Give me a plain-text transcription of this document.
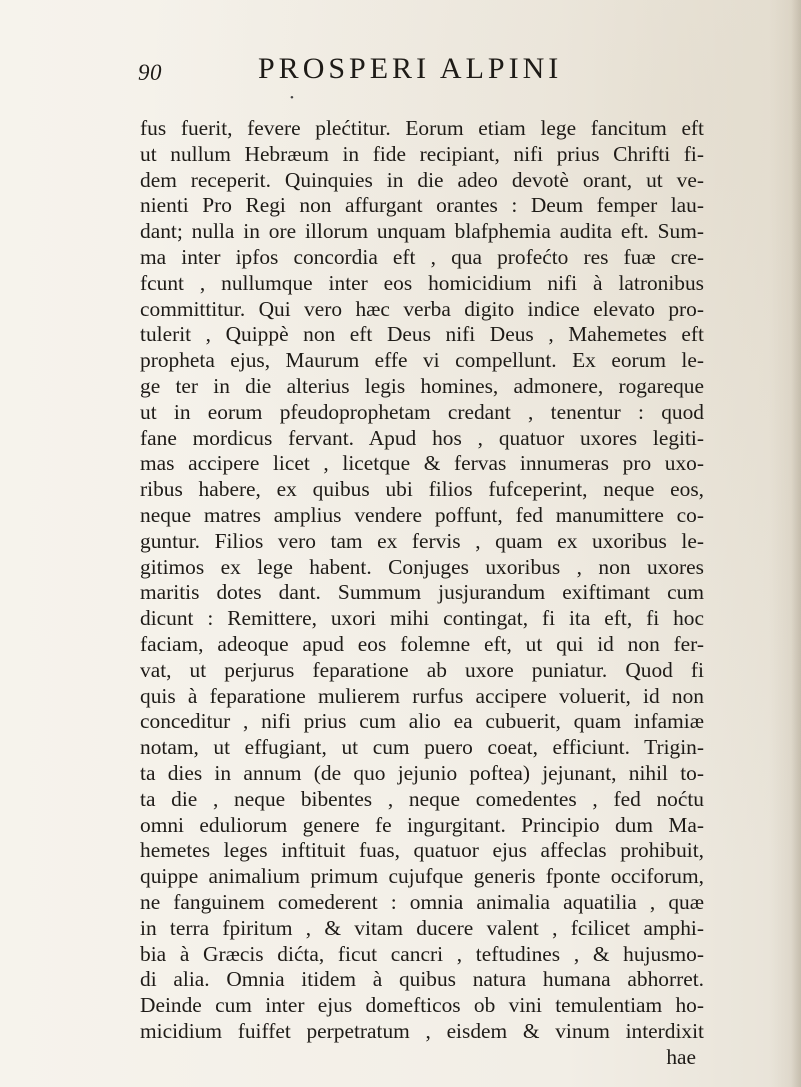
90	PROSPERI ALPINI
•
fus fuerit, fevere plećtitur. Eorum etiam lege fancitum eft
ut nullum Hebræum in fide recipiant, nifi prius Chrifti fi-
dem receperit. Quinquies in die adeo devotè orant, ut ve-
nienti Pro Regi non affurgant orantes : Deum femper lau-
dant; nulla in ore illorum unquam blafphemia audita eft. Sum-
ma inter ipfos concordia eft , qua profećto res fuæ cre-
fcunt , nullumque inter eos homicidium nifi à latronibus
committitur. Qui vero hæc verba digito indice elevato pro-
tulerit , Quippè non eft Deus nifi Deus , Mahemetes eft
propheta ejus, Maurum effe vi compellunt. Ex eorum le-
ge ter in die alterius legis homines, admonere, rogareque
ut in eorum pfeudoprophetam credant , tenentur : quod
fane mordicus fervant. Apud hos , quatuor uxores legiti-
mas accipere licet , licetque & fervas innumeras pro uxo-
ribus habere, ex quibus ubi filios fufceperint, neque eos,
neque matres amplius vendere poffunt, fed manumittere co-
guntur. Filios vero tam ex fervis , quam ex uxoribus le-
gitimos ex lege habent. Conjuges uxoribus , non uxores
maritis dotes dant. Summum jusjurandum exiftimant cum
dicunt : Remittere, uxori mihi contingat, fi ita eft, fi hoc
faciam, adeoque apud eos folemne eft, ut qui id non fer-
vat, ut perjurus feparatione ab uxore puniatur. Quod fi
quis à feparatione mulierem rurfus accipere voluerit, id non
conceditur , nifi prius cum alio ea cubuerit, quam infamiæ
notam, ut effugiant, ut cum puero coeat, efficiunt. Trigin-
ta dies in annum (de quo jejunio poftea) jejunant, nihil to-
ta die , neque bibentes , neque comedentes , fed noćtu
omni eduliorum genere fe ingurgitant. Principio dum Ma-
hemetes leges inftituit fuas, quatuor ejus affeclas prohibuit,
quippe animalium primum cujufque generis fponte occiforum,
ne fanguinem comederent : omnia animalia aquatilia , quæ
in terra fpiritum , & vitam ducere valent , fcilicet amphi-
bia à Græcis dićta, ficut cancri , teftudines , & hujusmo-
di alia. Omnia itidem à quibus natura humana abhorret.
Deinde cum inter ejus domefticos ob vini temulentiam ho-
micidium fuiffet perpetratum , eisdem & vinum interdixit
hae
